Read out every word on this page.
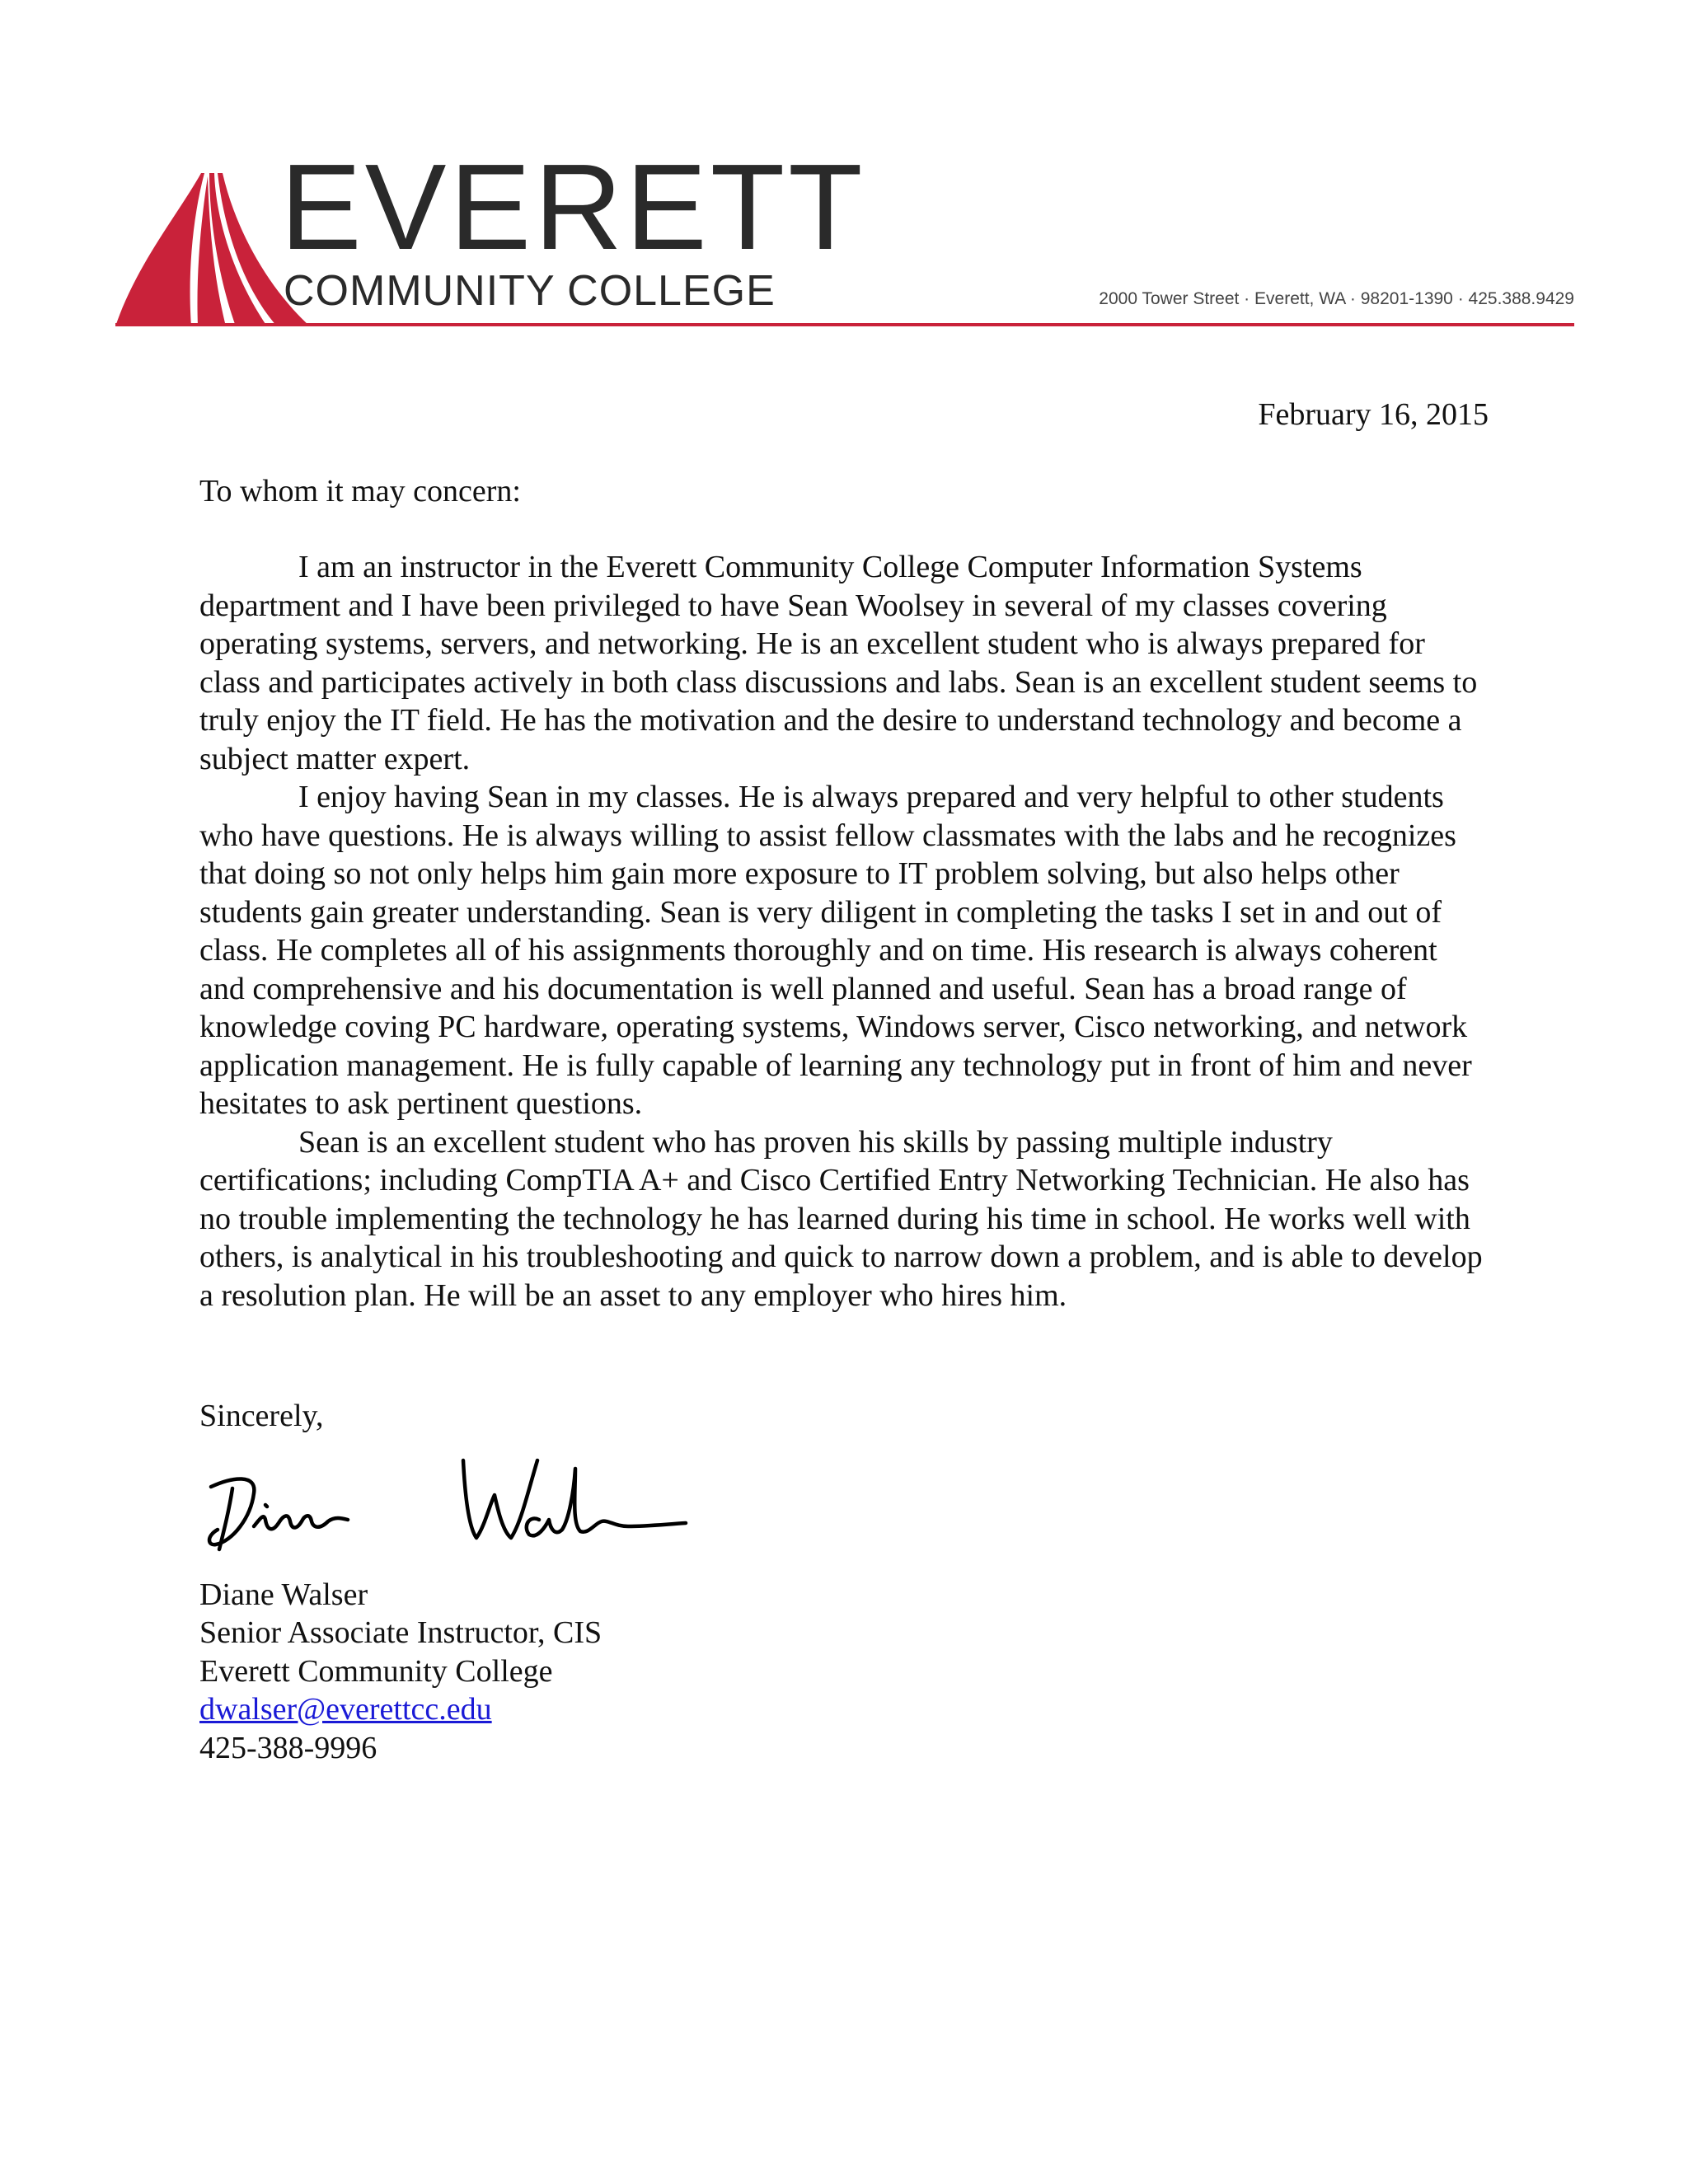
EVERETT
COMMUNITY COLLEGE	2000 Tower Street · Everett, WA · 98201-1390 · 425.388.9429

February 16, 2015

To whom it may concern:

I am an instructor in the Everett Community College Computer Information Systems department and I have been privileged to have Sean Woolsey in several of my classes covering operating systems, servers, and networking. He is an excellent student who is always prepared for class and participates actively in both class discussions and labs. Sean is an excellent student seems to truly enjoy the IT field. He has the motivation and the desire to understand technology and become a subject matter expert.

I enjoy having Sean in my classes. He is always prepared and very helpful to other students who have questions. He is always willing to assist fellow classmates with the labs and he recognizes that doing so not only helps him gain more exposure to IT problem solving, but also helps other students gain greater understanding. Sean is very diligent in completing the tasks I set in and out of class. He completes all of his assignments thoroughly and on time. His research is always coherent and comprehensive and his documentation is well planned and useful. Sean has a broad range of knowledge coving PC hardware, operating systems, Windows server, Cisco networking, and network application management. He is fully capable of learning any technology put in front of him and never hesitates to ask pertinent questions.

Sean is an excellent student who has proven his skills by passing multiple industry certifications; including CompTIA A+ and Cisco Certified Entry Networking Technician. He also has no trouble implementing the technology he has learned during his time in school. He works well with others, is analytical in his troubleshooting and quick to narrow down a problem, and is able to develop a resolution plan. He will be an asset to any employer who hires him.

Sincerely,

Diane Walser
Senior Associate Instructor, CIS
Everett Community College
dwalser@everettcc.edu
425-388-9996
